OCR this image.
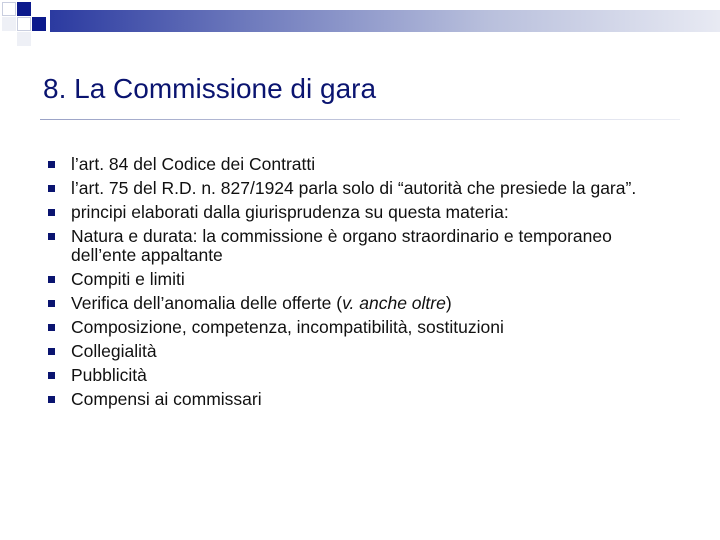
8. La Commissione di gara
l’art. 84 del Codice dei Contratti
l’art. 75 del R.D. n. 827/1924 parla solo di “autorità che presiede la gara”.
principi elaborati dalla giurisprudenza su questa materia:
Natura e durata: la commissione è organo straordinario e temporaneo dell’ente appaltante
Compiti e limiti
Verifica dell’anomalia delle offerte (v. anche oltre)
Composizione, competenza, incompatibilità, sostituzioni
Collegialità
Pubblicità
Compensi ai commissari
